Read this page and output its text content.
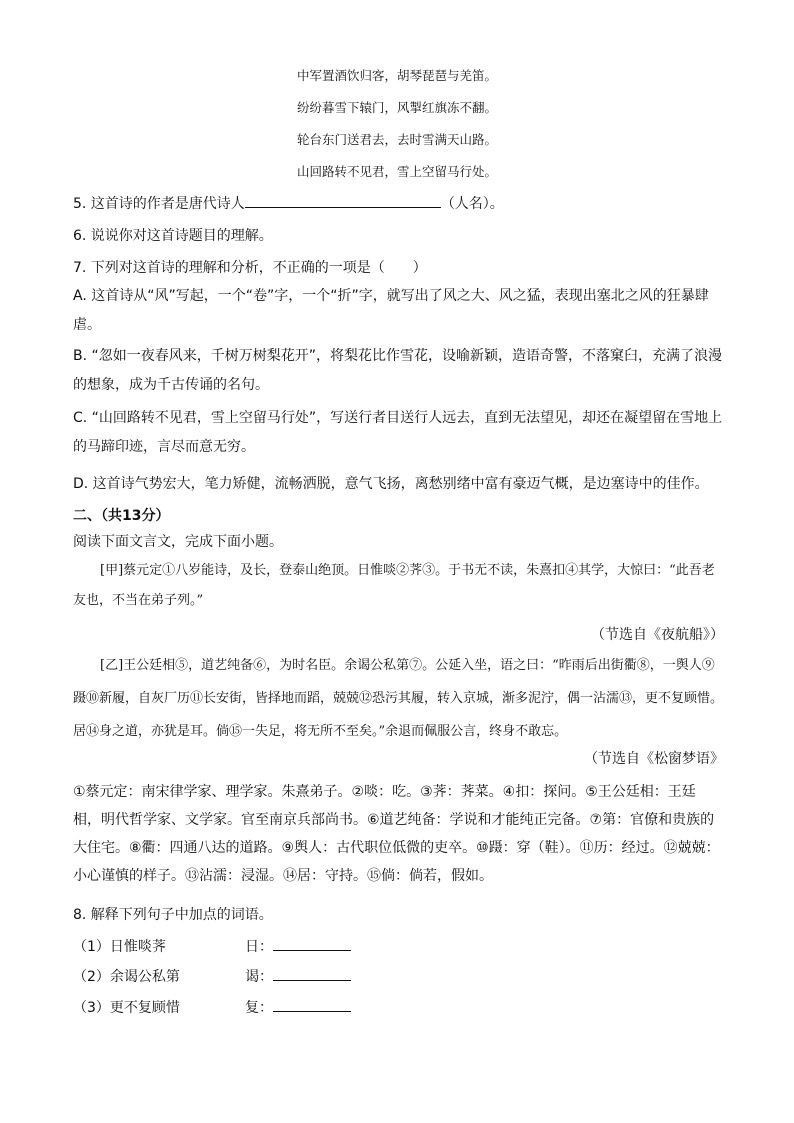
中军置酒饮归客，胡琴琵琶与羌笛。
纷纷暮雪下辕门，风掣红旗冻不翻。
轮台东门送君去，去时雪满天山路。
山回路转不见君，雪上空留马行处。
5. 这首诗的作者是唐代诗人	（人名）。
6. 说说你对这首诗题目的理解。
7. 下列对这首诗的理解和分析，不正确的一项是（　　）
A. 这首诗从“风”写起，一个“卷”字，一个“折”字，就写出了风之大、风之猛，表现出塞北之风的狂暴肆虐。
B. “忽如一夜春风来，千树万树梨花开”，将梨花比作雪花，设喻新颖，造语奇警，不落窠臼，充满了浪漫的想象，成为千古传诵的名句。
C. “山回路转不见君，雪上空留马行处”，写送行者目送行人远去，直到无法望见，却还在凝望留在雪地上的马蹄印迹，言尽而意无穷。
D. 这首诗气势宏大，笔力矫健，流畅洒脱，意气飞扬，离愁别绪中富有豪迈气概，是边塞诗中的佳作。
二、（共13分）
阅读下面文言文，完成下面小题。
[甲]蔡元定①八岁能诗，及长，登泰山绝顶。日惟啖②荠③。于书无不读，朱熹扣④其学，大惊曰：“此吾老友也，不当在弟子列。”
（节选自《夜航船》）
[乙]王公廷相⑤，道艺纯备⑥，为时名臣。余谒公私第⑦。公延入坐，语之曰：“昨雨后出街衢⑧，一舆人⑨蹑⑩新履，自灰厂历⑪长安街，皆择地而蹈，兢兢⑫恐污其履，转入京城，渐多泥泞，偶一沾濡⑬，更不复顾惜。居⑭身之道，亦犹是耳。倘⑮一失足，将无所不至矣。”余退而佩服公言，终身不敢忘。
（节选自《松窗梦语》
①蔡元定：南宋律学家、理学家。朱熹弟子。②啖：吃。③荠：荠菜。④扣：探问。⑤王公廷相：王廷相，明代哲学家、文学家。官至南京兵部尚书。⑥道艺纯备：学说和才能纯正完备。⑦第：官僚和贵族的大住宅。⑧衢：四通八达的道路。⑨舆人：古代职位低微的吏卒。⑩蹑：穿（鞋）。⑪历：经过。⑫兢兢：小心谨慎的样子。⑬沾濡：浸湿。⑭居：守持。⑮倘：倘若，假如。
8. 解释下列句子中加点的词语。
（1）日惟啖荠	日：
（2）余谒公私第	谒：
（3）更不复顾惜	复：
